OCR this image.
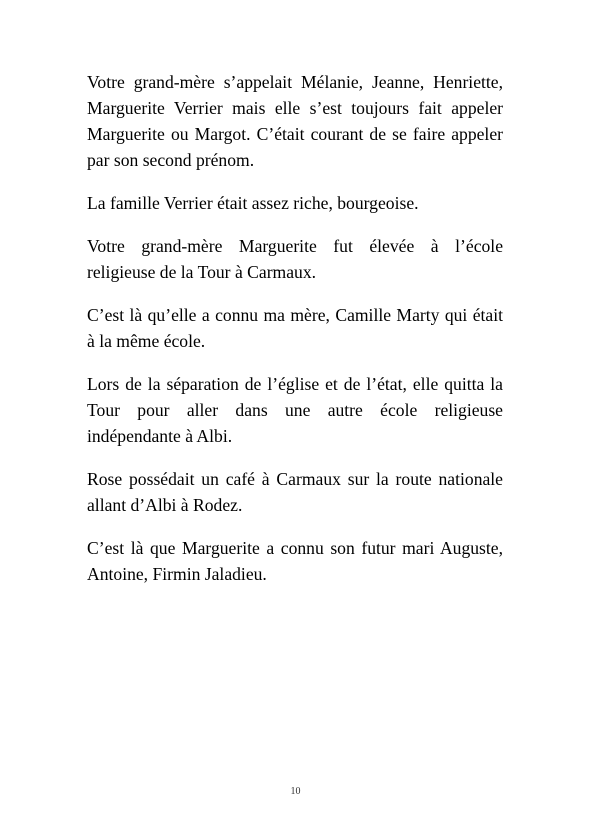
Votre grand-mère s’appelait Mélanie, Jeanne, Henriette, Marguerite Verrier mais elle s’est toujours fait appeler Marguerite ou Margot. C’était courant de se faire appeler par son second prénom.

La famille Verrier était assez riche, bourgeoise.

Votre grand-mère Marguerite fut élevée à l’école religieuse de la Tour à Carmaux.

C’est là qu’elle a connu ma mère, Camille Marty qui était à la même école.

Lors de la séparation de l’église et de l’état, elle quitta la Tour pour aller dans une autre école religieuse indépendante à Albi.

Rose possédait un café à Carmaux sur la route nationale allant d’Albi à Rodez.

C’est là que Marguerite a connu son futur mari Auguste, Antoine, Firmin Jaladieu.

10
